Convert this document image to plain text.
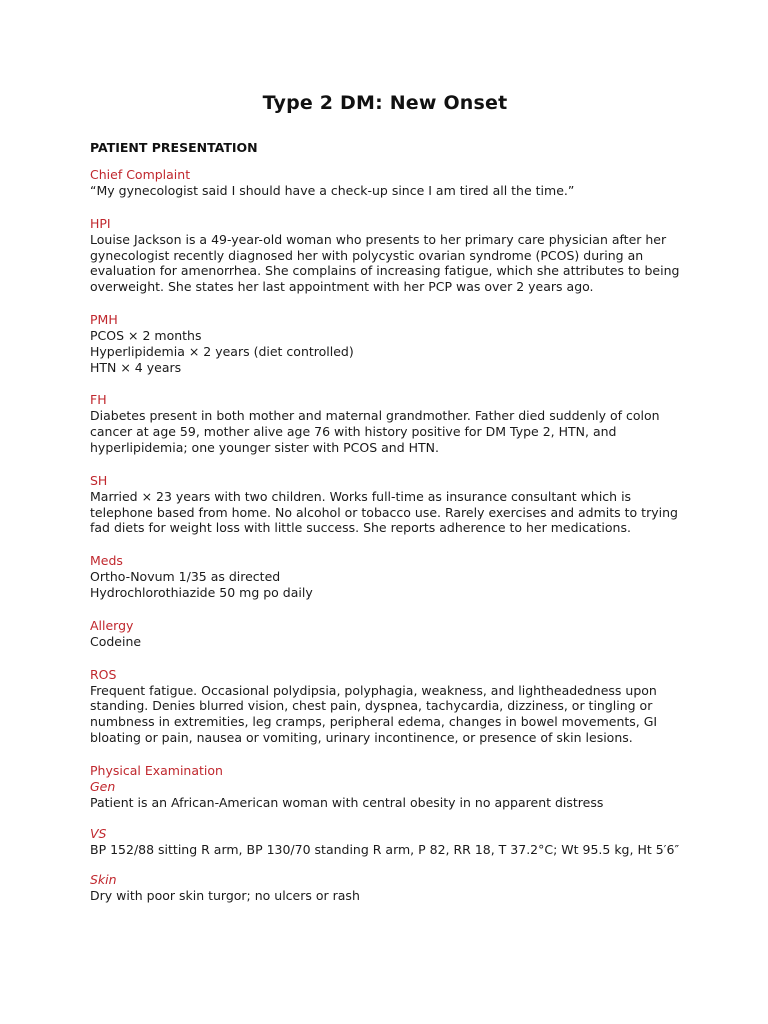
Type 2 DM: New Onset
PATIENT PRESENTATION
Chief Complaint
“My gynecologist said I should have a check-up since I am tired all the time.”
HPI
Louise Jackson is a 49-year-old woman who presents to her primary care physician after her gynecologist recently diagnosed her with polycystic ovarian syndrome (PCOS) during an evaluation for amenorrhea. She complains of increasing fatigue, which she attributes to being overweight. She states her last appointment with her PCP was over 2 years ago.
PMH
PCOS × 2 months
Hyperlipidemia × 2 years (diet controlled)
HTN × 4 years
FH
Diabetes present in both mother and maternal grandmother. Father died suddenly of colon cancer at age 59, mother alive age 76 with history positive for DM Type 2, HTN, and hyperlipidemia; one younger sister with PCOS and HTN.
SH
Married × 23 years with two children. Works full-time as insurance consultant which is telephone based from home. No alcohol or tobacco use. Rarely exercises and admits to trying fad diets for weight loss with little success. She reports adherence to her medications.
Meds
Ortho-Novum 1/35 as directed
Hydrochlorothiazide 50 mg po daily
Allergy
Codeine
ROS
Frequent fatigue. Occasional polydipsia, polyphagia, weakness, and lightheadedness upon standing. Denies blurred vision, chest pain, dyspnea, tachycardia, dizziness, or tingling or numbness in extremities, leg cramps, peripheral edema, changes in bowel movements, GI bloating or pain, nausea or vomiting, urinary incontinence, or presence of skin lesions.
Physical Examination
Gen
Patient is an African-American woman with central obesity in no apparent distress
VS
BP 152/88 sitting R arm, BP 130/70 standing R arm, P 82, RR 18, T 37.2°C; Wt 95.5 kg, Ht 5′6″
Skin
Dry with poor skin turgor; no ulcers or rash
